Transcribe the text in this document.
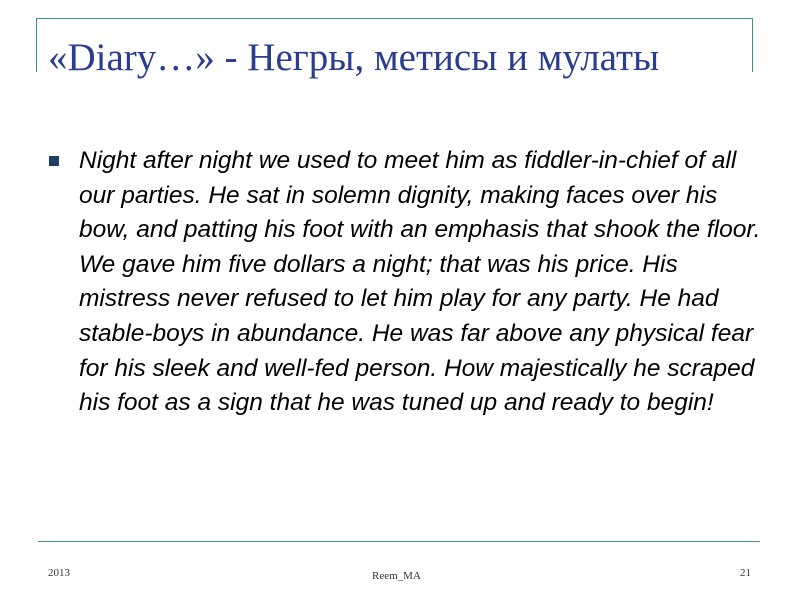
«Diary…» - Негры, метисы и мулаты
Night after night we used to meet him as fiddler-in-chief of all our parties. He sat in solemn dignity, making faces over his bow, and patting his foot with an emphasis that shook the floor. We gave him five dollars a night; that was his price. His mistress never refused to let him play for any party. He had stable-boys in abundance. He was far above any physical fear for his sleek and well-fed person. How majestically he scraped his foot as a sign that he was tuned up and ready to begin!
2013	Reem_MA	21
